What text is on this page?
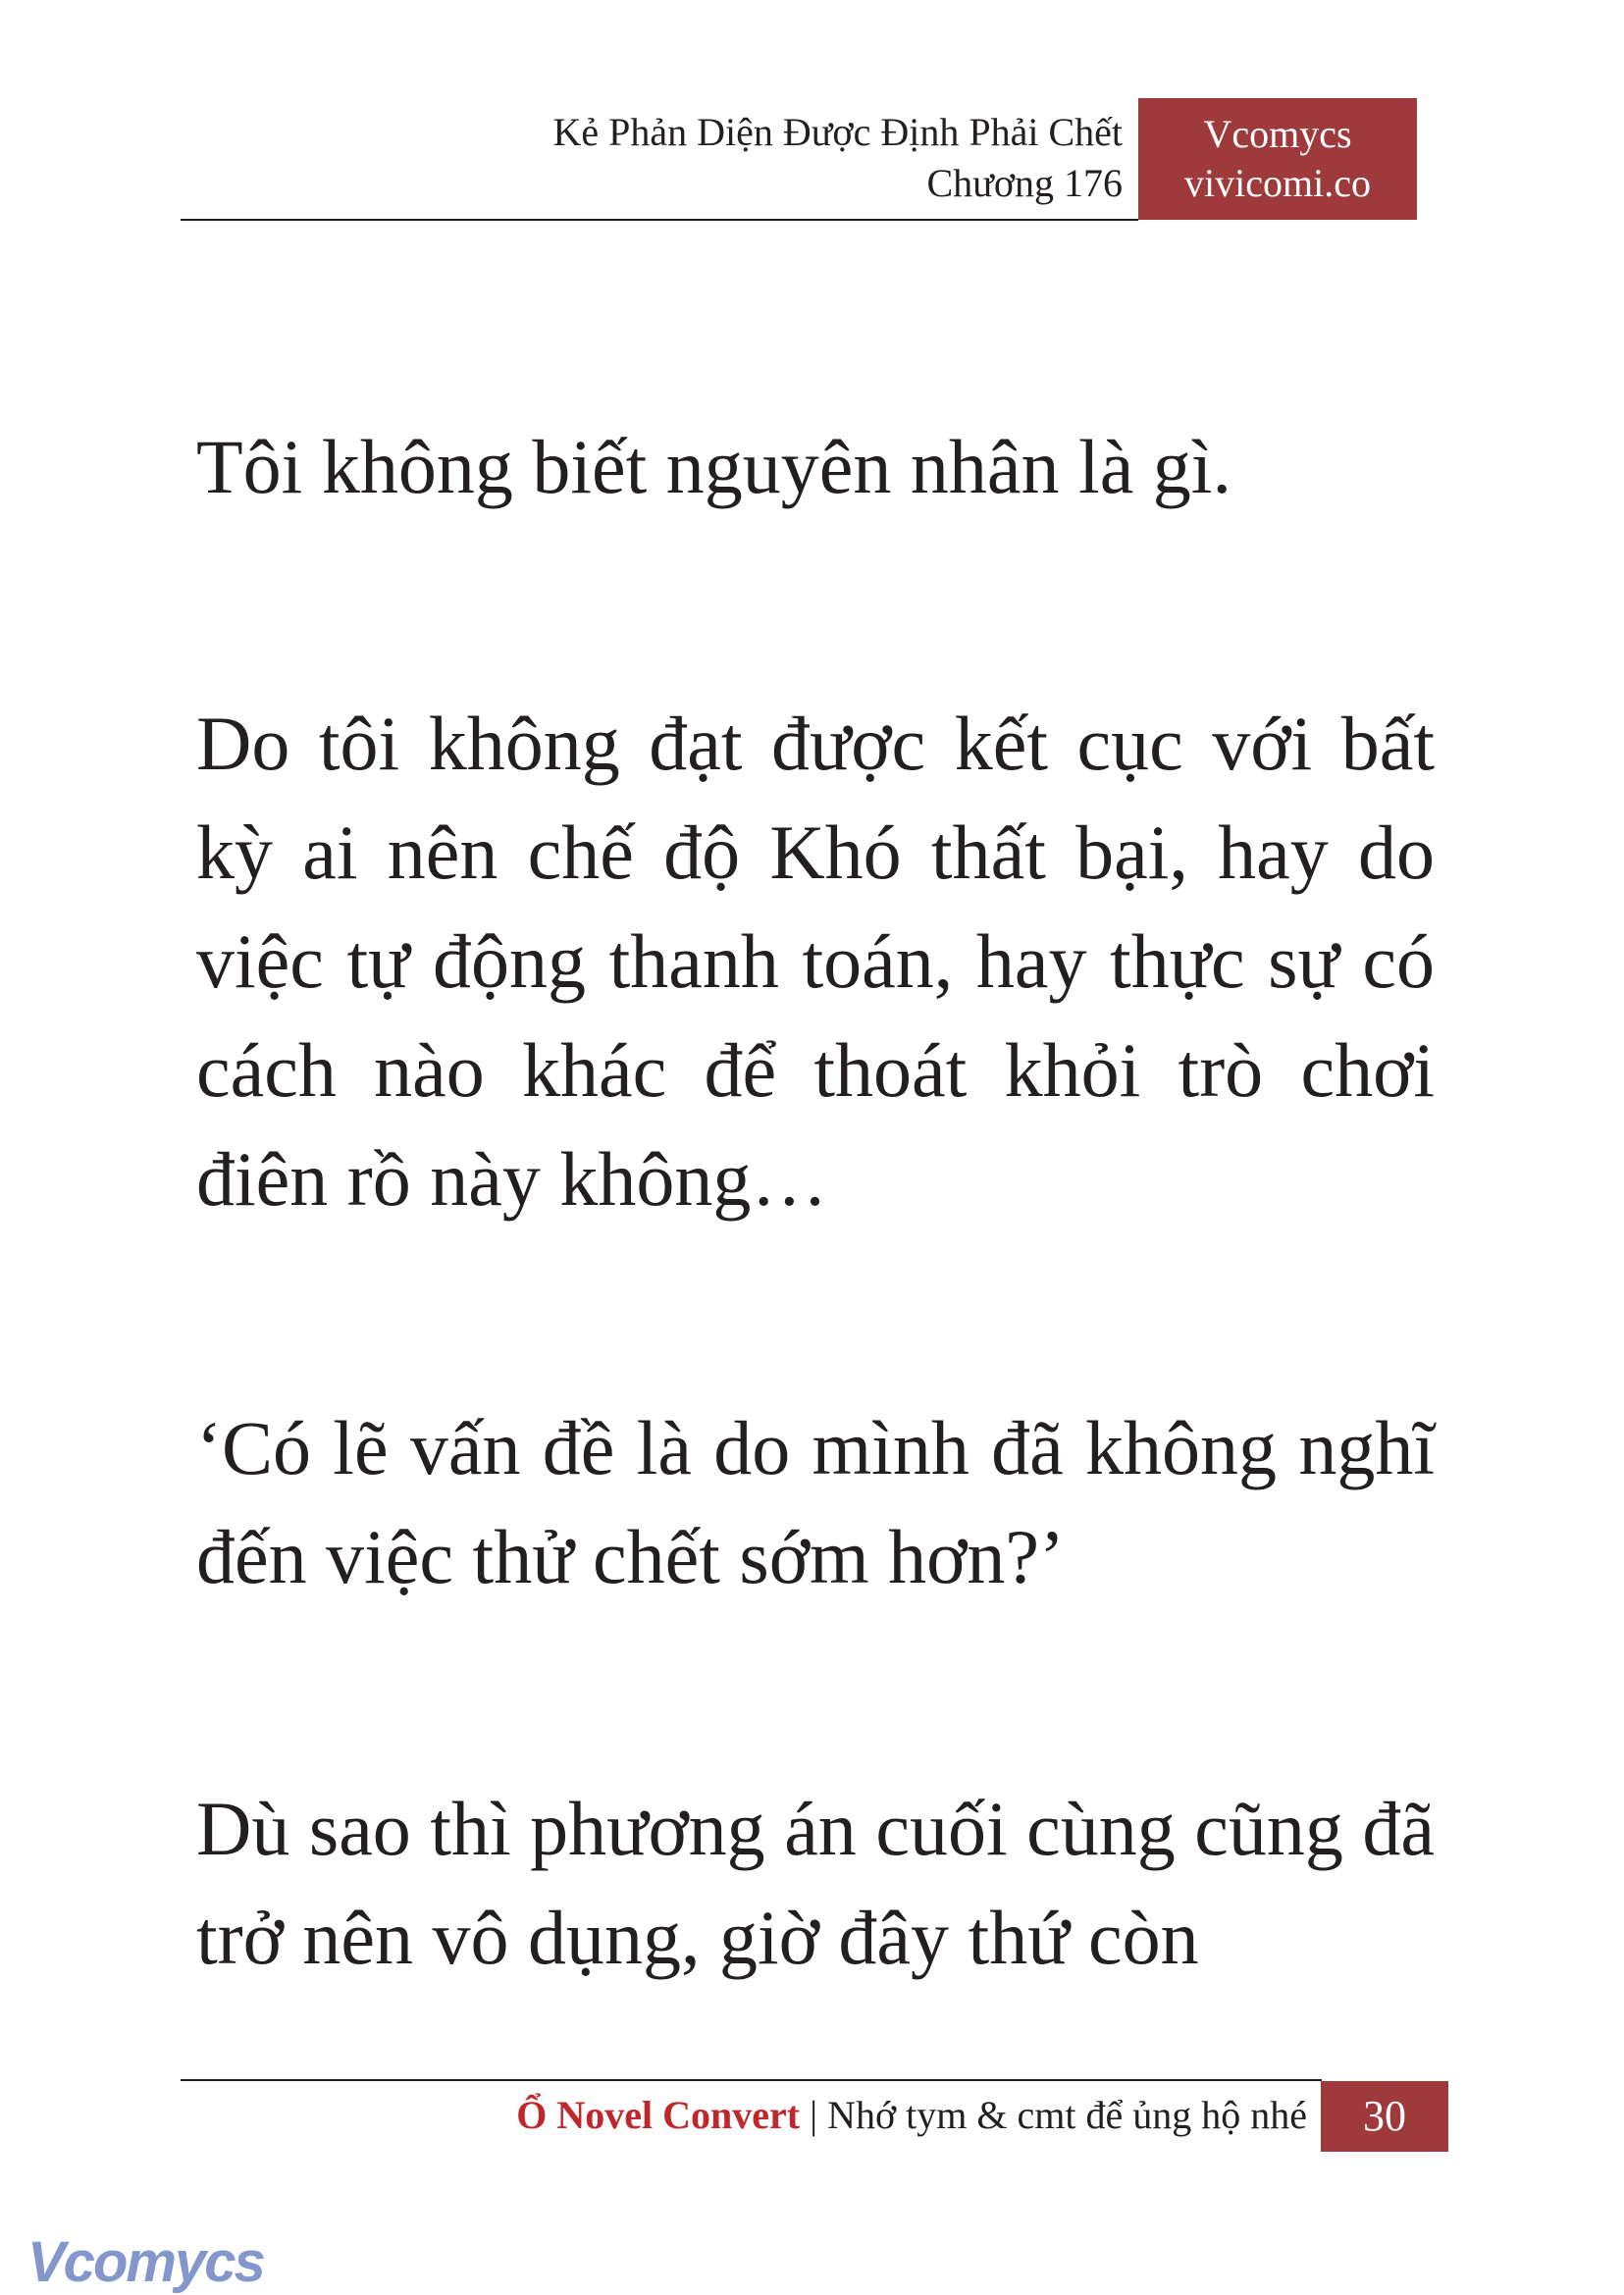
Kẻ Phản Diện Được Định Phải Chết
Chương 176
Vcomycs
vivicomi.co

Tôi không biết nguyên nhân là gì.

Do tôi không đạt được kết cục với bất kỳ ai nên chế độ Khó thất bại, hay do việc tự động thanh toán, hay thực sự có cách nào khác để thoát khỏi trò chơi điên rồ này không…

‘Có lẽ vấn đề là do mình đã không nghĩ đến việc thử chết sớm hơn?’

Dù sao thì phương án cuối cùng cũng đã trở nên vô dụng, giờ đây thứ còn

Ổ Novel Convert | Nhớ tym & cmt để ủng hộ nhé	30
Vcomycs
